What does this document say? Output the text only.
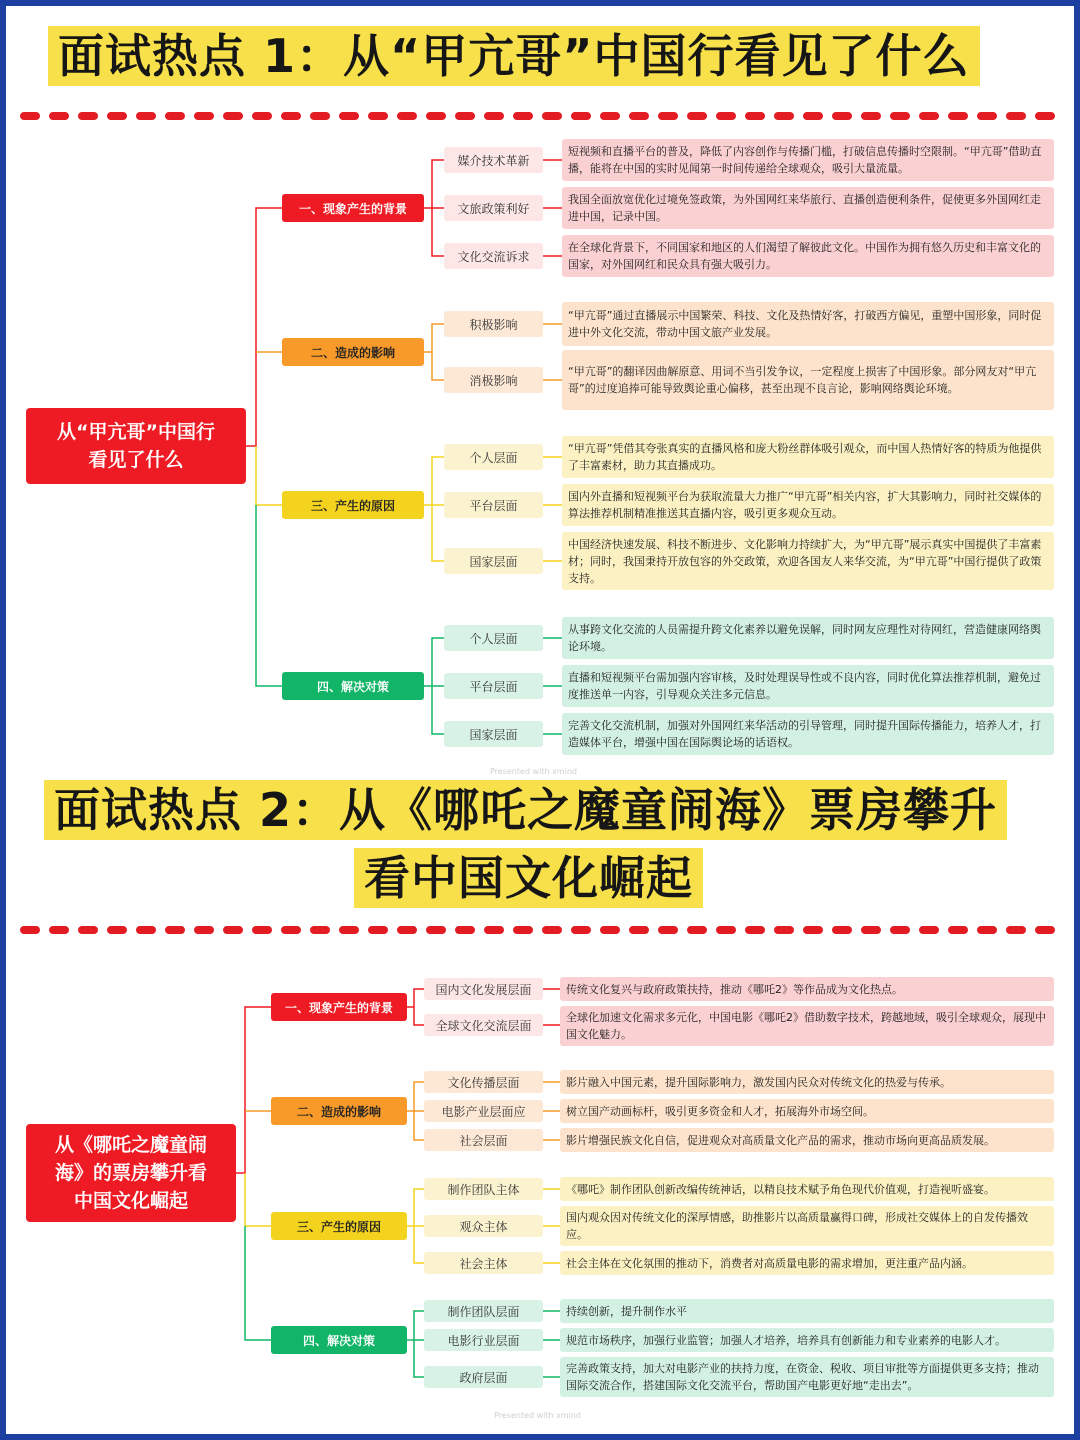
面试热点 1：从“甲亢哥”中国行看见了什么
从“甲亢哥”中国行看见了什么
一、现象产生的背景
二、造成的影响
三、产生的原因
四、解决对策
媒介技术革新
短视频和直播平台的普及，降低了内容创作与传播门槛，打破信息传播时空限制。“甲亢哥”借助直播，能将在中国的实时见闻第一时间传递给全球观众，吸引大量流量。
文旅政策利好
我国全面放宽优化过境免签政策，为外国网红来华旅行、直播创造便利条件，促使更多外国网红走进中国，记录中国。
文化交流诉求
在全球化背景下，不同国家和地区的人们渴望了解彼此文化。中国作为拥有悠久历史和丰富文化的国家，对外国网红和民众具有强大吸引力。
积极影响
“甲亢哥”通过直播展示中国繁荣、科技、文化及热情好客，打破西方偏见，重塑中国形象，同时促进中外文化交流，带动中国文旅产业发展。
消极影响
“甲亢哥”的翻译因曲解原意、用词不当引发争议，一定程度上损害了中国形象。部分网友对“甲亢哥”的过度追捧可能导致舆论重心偏移，甚至出现不良言论，影响网络舆论环境。
个人层面
“甲亢哥”凭借其夸张真实的直播风格和庞大粉丝群体吸引观众，而中国人热情好客的特质为他提供了丰富素材，助力其直播成功。
平台层面
国内外直播和短视频平台为获取流量大力推广“甲亢哥”相关内容，扩大其影响力，同时社交媒体的算法推荐机制精准推送其直播内容，吸引更多观众互动。
国家层面
中国经济快速发展、科技不断进步、文化影响力持续扩大，为“甲亢哥”展示真实中国提供了丰富素材；同时，我国秉持开放包容的外交政策，欢迎各国友人来华交流，为“甲亢哥”中国行提供了政策支持。
个人层面
从事跨文化交流的人员需提升跨文化素养以避免误解，同时网友应理性对待网红，营造健康网络舆论环境。
平台层面
直播和短视频平台需加强内容审核，及时处理误导性或不良内容，同时优化算法推荐机制，避免过度推送单一内容，引导观众关注多元信息。
国家层面
完善文化交流机制，加强对外国网红来华活动的引导管理，同时提升国际传播能力，培养人才，打造媒体平台，增强中国在国际舆论场的话语权。
Presented with xmind
面试热点 2：从《哪吒之魔童闹海》票房攀升
看中国文化崛起
从《哪吒之魔童闹海》的票房攀升看中国文化崛起
一、现象产生的背景
二、造成的影响
三、产生的原因
四、解决对策
国内文化发展层面	传统文化复兴与政府政策扶持，推动《哪吒2》等作品成为文化热点。
全球文化交流层面
全球化加速文化需求多元化，中国电影《哪吒2》借助数字技术，跨越地域，吸引全球观众，展现中国文化魅力。
文化传播层面	影片融入中国元素，提升国际影响力，激发国内民众对传统文化的热爱与传承。
电影产业层面应	树立国产动画标杆，吸引更多资金和人才，拓展海外市场空间。
社会层面	影片增强民族文化自信，促进观众对高质量文化产品的需求，推动市场向更高品质发展。
制作团队主体	《哪吒》制作团队创新改编传统神话，以精良技术赋予角色现代价值观，打造视听盛宴。
观众主体
国内观众因对传统文化的深厚情感，助推影片以高质量赢得口碑，形成社交媒体上的自发传播效应。
社会主体	社会主体在文化氛围的推动下，消费者对高质量电影的需求增加，更注重产品内涵。
制作团队层面	持续创新，提升制作水平
电影行业层面	规范市场秩序，加强行业监管；加强人才培养，培养具有创新能力和专业素养的电影人才。
政府层面
完善政策支持，加大对电影产业的扶持力度，在资金、税收、项目审批等方面提供更多支持；推动国际交流合作，搭建国际文化交流平台，帮助国产电影更好地“走出去”。
Presented with xmind
